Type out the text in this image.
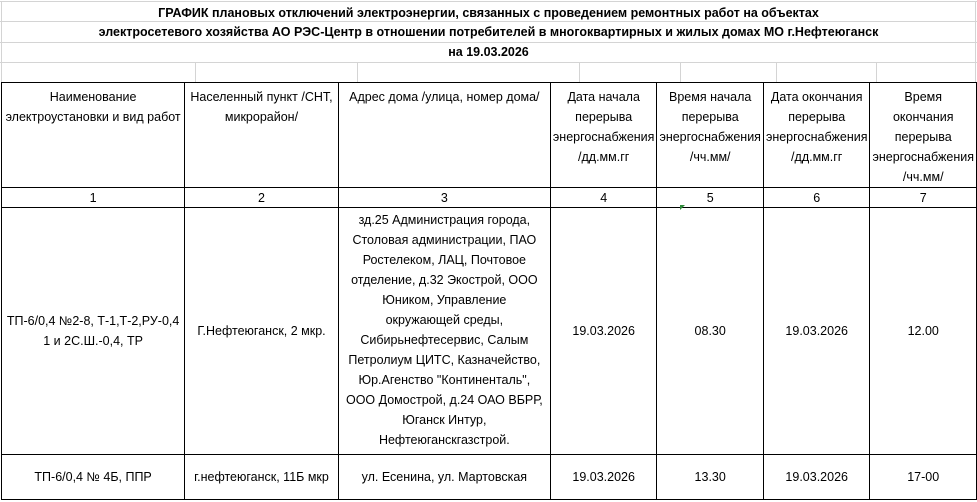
ГРАФИК плановых отключений электроэнергии, связанных с проведением ремонтных работ на объектах
электросетевого хозяйства АО РЭС-Центр в отношении потребителей в многоквартирных и жилых домах МО г.Нефтеюганск
на 19.03.2026
Наименование электроустановки и вид работ	Населенный пункт /СНТ, микрорайон/	Адрес дома /улица, номер дома/	Дата начала перерыва энергоснабжения /дд.мм.гг	Время начала перерыва энергоснабжения /чч.мм/	Дата окончания перерыва энергоснабжения /дд.мм.гг	Время окончания перерыва энергоснабжения /чч.мм/
1	2	3	4	5	6	7
ТП-6/0,4 №2-8, Т-1,Т-2,РУ-0,4 1 и 2С.Ш.-0,4, ТР	Г.Нефтеюганск, 2 мкр.	зд.25 Администрация города, Столовая администрации, ПАО Ростелеком, ЛАЦ, Почтовое отделение, д.32 Экострой, ООО Юником, Управление окружающей среды, Сибирьнефтесервис, Салым Петролиум ЦИТС, Казначейство, Юр.Агенство "Континенталь", ООО Домострой, д.24 ОАО ВБРР, Юганск Интур, Нефтеюганскгазстрой.	19.03.2026	08.30	19.03.2026	12.00
ТП-6/0,4 № 4Б, ППР	г.нефтеюганск, 11Б мкр	ул. Есенина, ул. Мартовская	19.03.2026	13.30	19.03.2026	17-00
